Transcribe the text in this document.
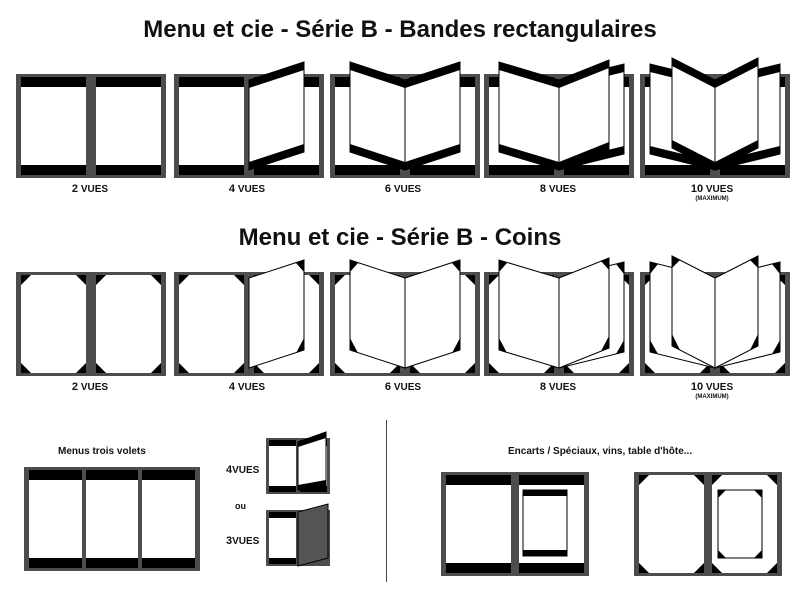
Menu et cie - Série B - Bandes rectangulaires
Menu et cie - Série B - Coins
2 VUES	4 VUES	6 VUES	8 VUES	10 VUES
(MAXIMUM)
2 VUES	4 VUES	6 VUES	8 VUES	10 VUES
(MAXIMUM)
Menus trois volets
4VUES
ou
3VUES
Encarts / Spéciaux, vins, table d'hôte...
